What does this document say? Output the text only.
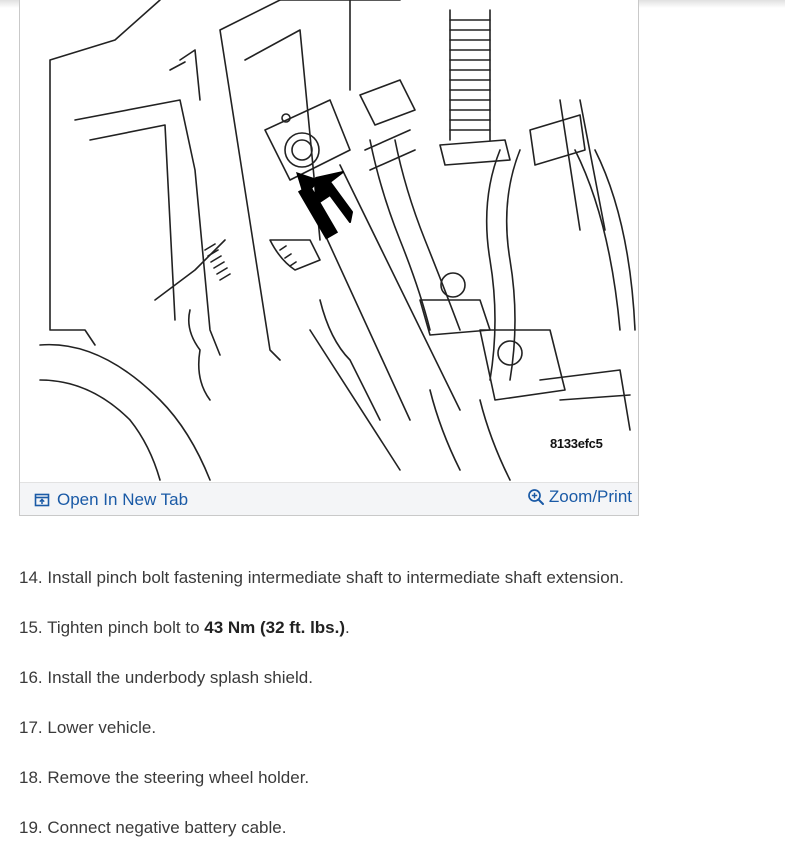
8133efc5
Open In New Tab	Zoom/Print
14. Install pinch bolt fastening intermediate shaft to intermediate shaft extension.
15. Tighten pinch bolt to 43 Nm (32 ft. lbs.).
16. Install the underbody splash shield.
17. Lower vehicle.
18. Remove the steering wheel holder.
19. Connect negative battery cable.
